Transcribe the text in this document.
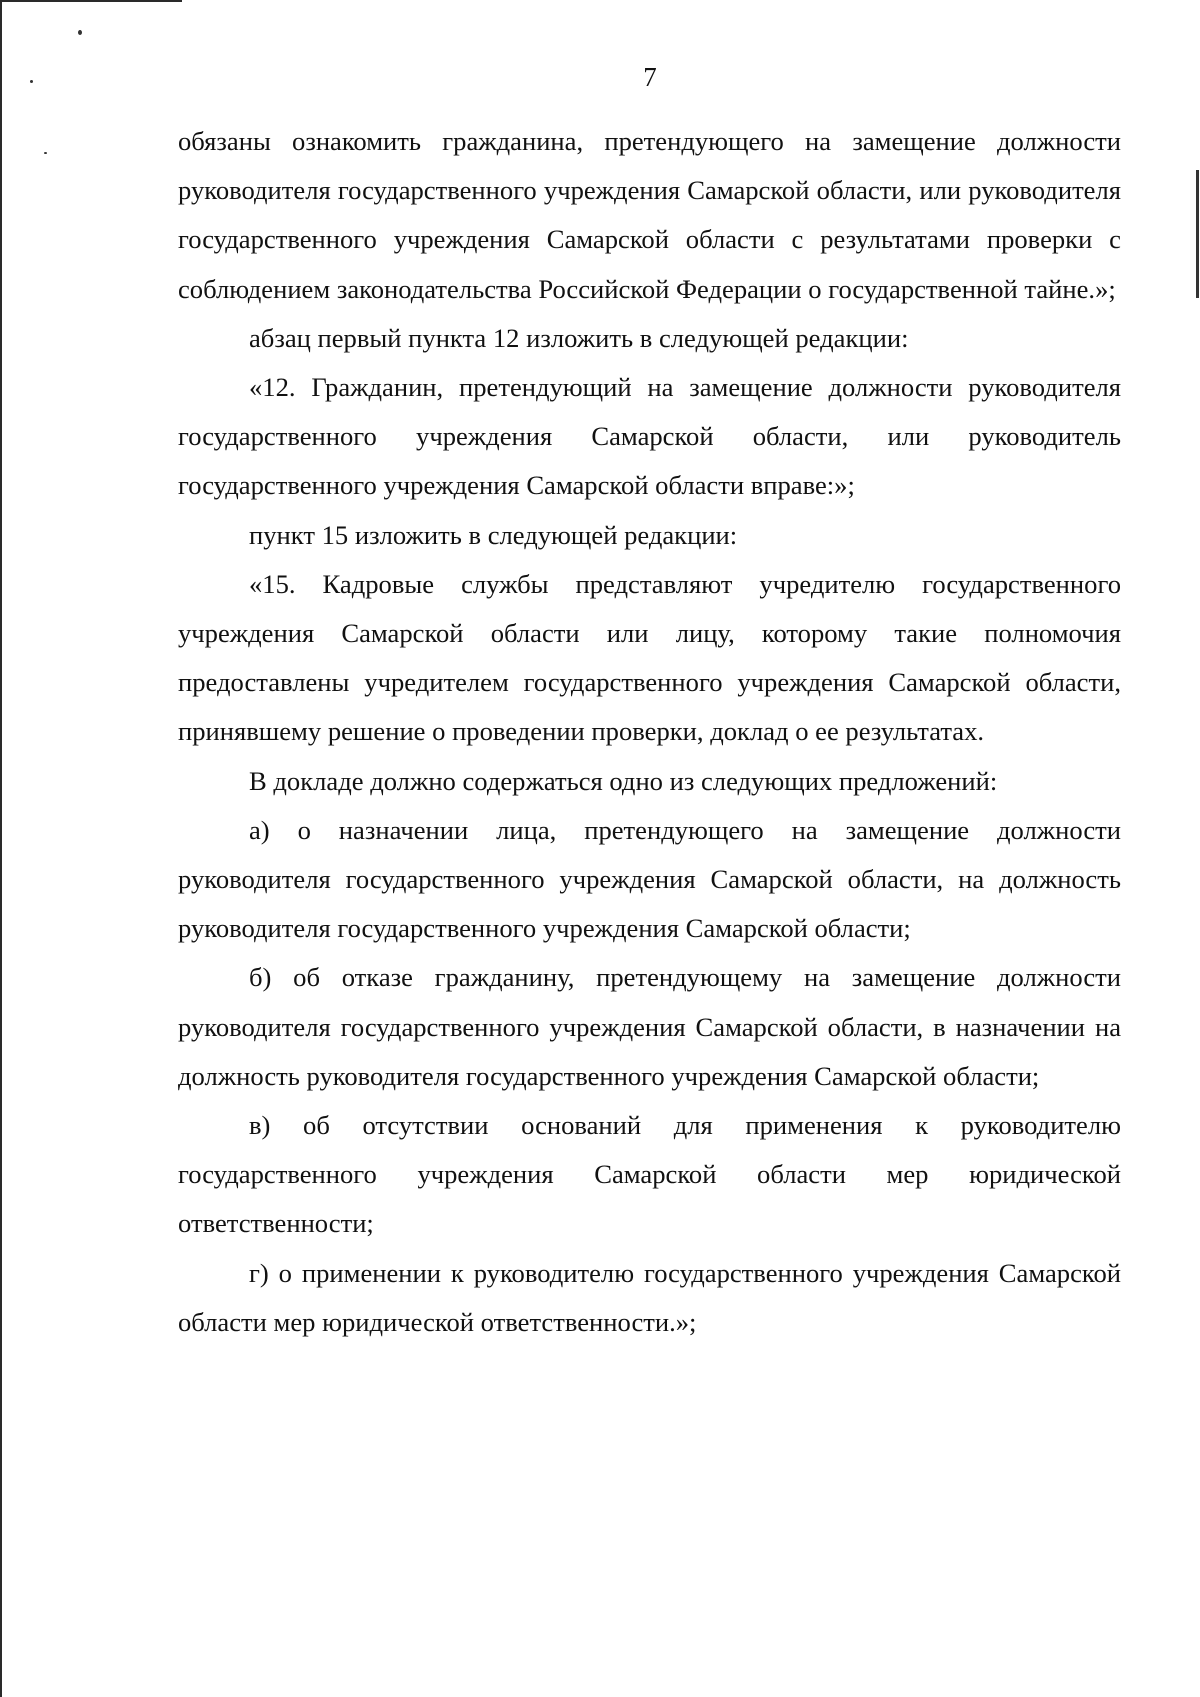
7

обязаны ознакомить гражданина, претендующего на замещение должности руководителя государственного учреждения Самарской области, или руководителя государственного учреждения Самарской области с результатами проверки с соблюдением законодательства Российской Федерации о государственной тайне.»;

абзац первый пункта 12 изложить в следующей редакции:

«12. Гражданин, претендующий на замещение должности руководителя государственного учреждения Самарской области, или руководитель государственного учреждения Самарской области вправе:»;

пункт 15 изложить в следующей редакции:

«15. Кадровые службы представляют учредителю государственного учреждения Самарской области или лицу, которому такие полномочия предоставлены учредителем государственного учреждения Самарской области, принявшему решение о проведении проверки, доклад о ее результатах.

В докладе должно содержаться одно из следующих предложений:

а) о назначении лица, претендующего на замещение должности руководителя государственного учреждения Самарской области, на должность руководителя государственного учреждения Самарской области;

б) об отказе гражданину, претендующему на замещение должности руководителя государственного учреждения Самарской области, в назначении на должность руководителя государственного учреждения Самарской области;

в) об отсутствии оснований для применения к руководителю государственного учреждения Самарской области мер юридической ответственности;

г) о применении к руководителю государственного учреждения Самарской области мер юридической ответственности.»;
